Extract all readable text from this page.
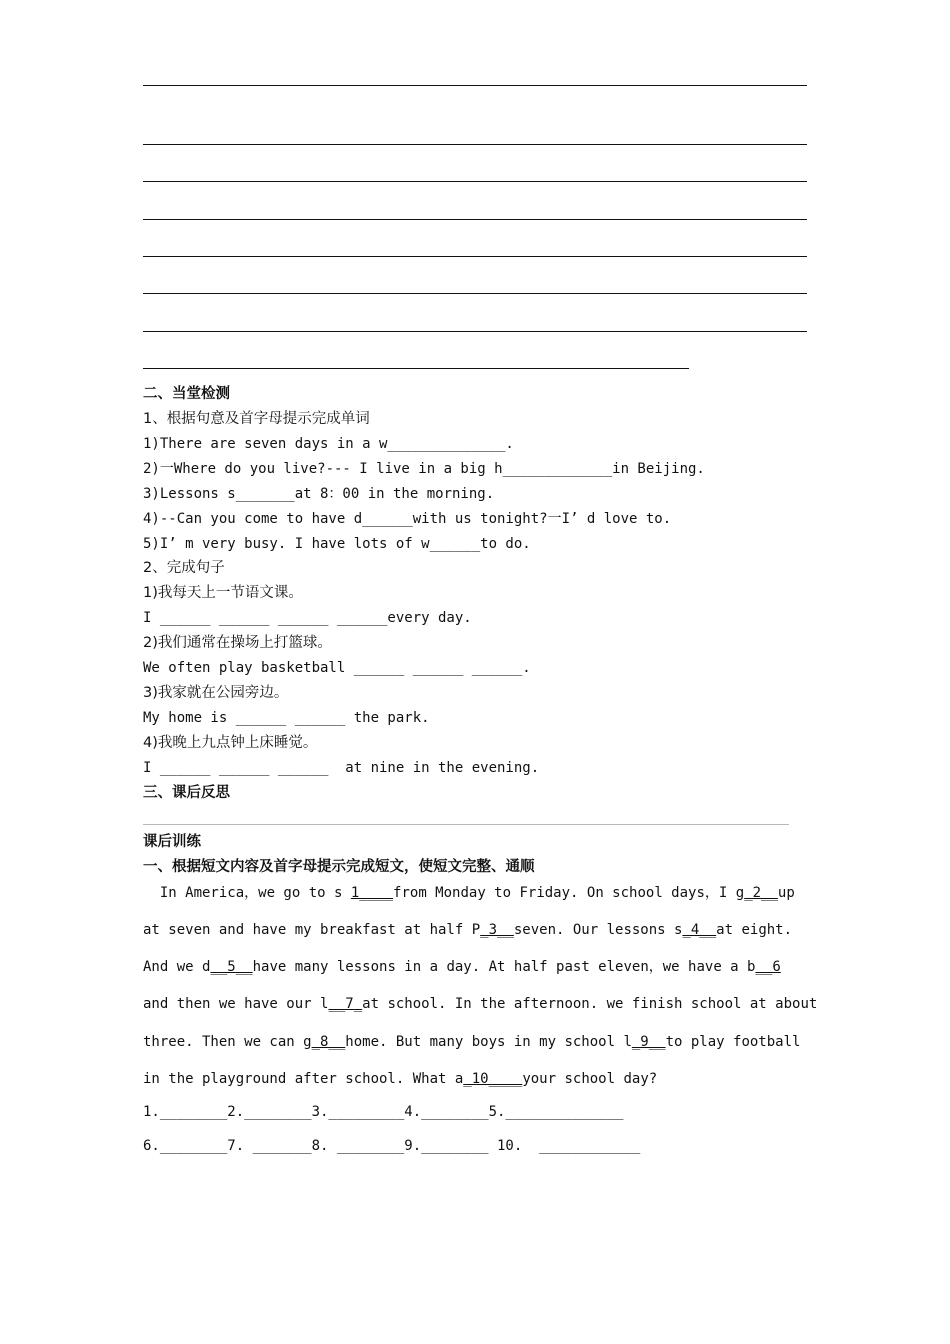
二、当堂检测
1、根据句意及首字母提示完成单词
1)There are seven days in a w______________.
2)一Where do you live?--- I live in a big h_____________in Beijing.
3)Lessons s_______at 8：00 in the morning.
4)--Can you come to have d______with us tonight?一I’ d love to.
5)I’ m very busy. I have lots of w______to do.
2、完成句子
1)我每天上一节语文课。
I ______ ______ ______ ______every day.
2)我们通常在操场上打篮球。
We often play basketball ______ ______ ______.
3)我家就在公园旁边。
My home is ______ ______ the park.
4)我晚上九点钟上床睡觉。
I ______ ______ ______  at nine in the evening.
三、课后反思
课后训练
一、根据短文内容及首字母提示完成短文，使短文完整、通顺
In America，we go to s 1____from Monday to Friday. On school days，I g_2__up
at seven and have my breakfast at half P_3__seven. Our lessons s_4__at eight.
And we d__5__have many lessons in a day. At half past eleven，we have a b__6
and then we have our l__7_at school. In the afternoon. we finish school at about
three. Then we can g_8__home. But many boys in my school l_9__to play football
in the playground after school. What a_10____your school day?
1.________2.________3._________4.________5.______________
6.________7. _______8. ________9.________ 10.  ____________
